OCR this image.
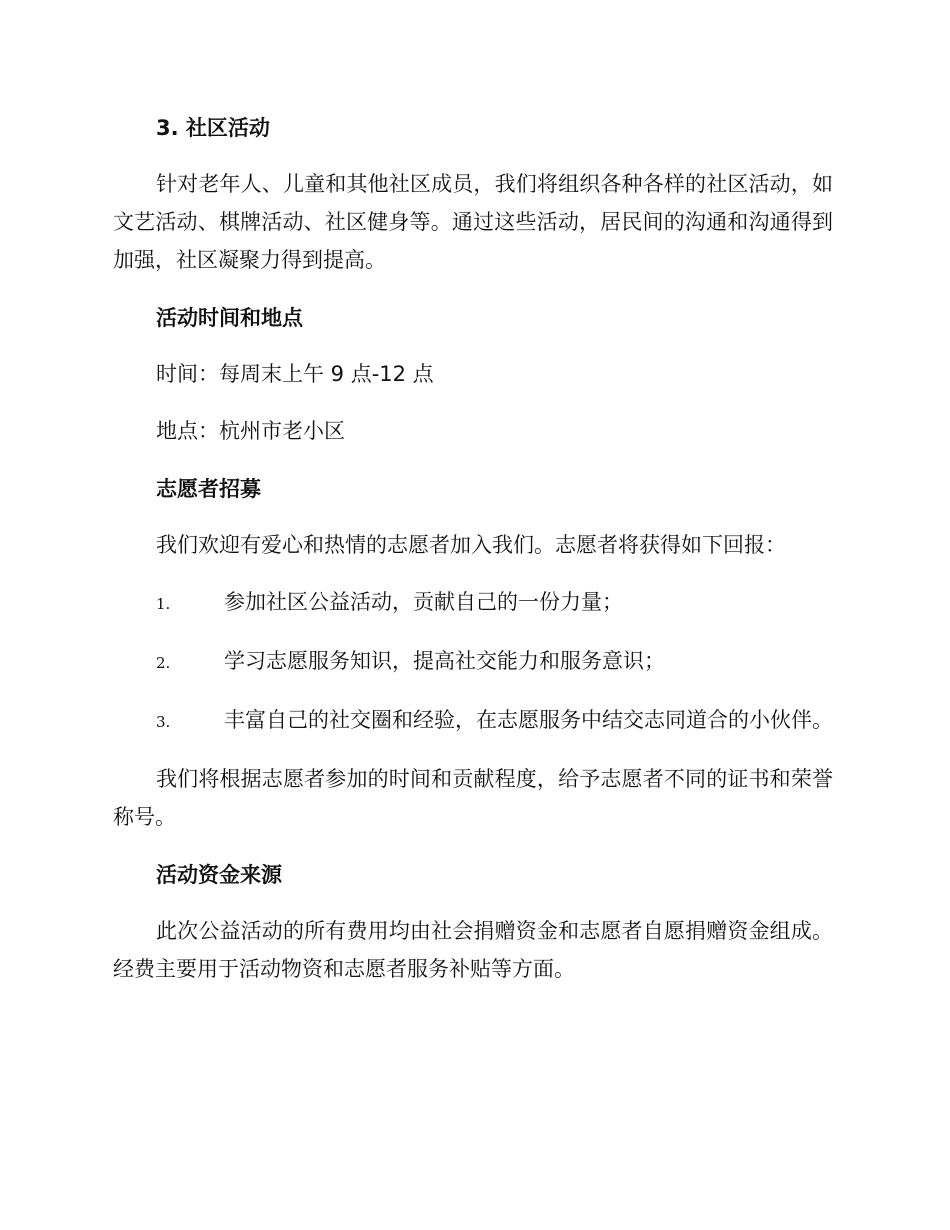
3. 社区活动
针对老年人、儿童和其他社区成员，我们将组织各种各样的社区活动，如文艺活动、棋牌活动、社区健身等。通过这些活动，居民间的沟通和沟通得到加强，社区凝聚力得到提高。
活动时间和地点
时间：每周末上午 9 点-12 点
地点：杭州市老小区
志愿者招募
我们欢迎有爱心和热情的志愿者加入我们。志愿者将获得如下回报：
1.	参加社区公益活动，贡献自己的一份力量；
2.	学习志愿服务知识，提高社交能力和服务意识；
3.	丰富自己的社交圈和经验，在志愿服务中结交志同道合的小伙伴。
我们将根据志愿者参加的时间和贡献程度，给予志愿者不同的证书和荣誉称号。
活动资金来源
此次公益活动的所有费用均由社会捐赠资金和志愿者自愿捐赠资金组成。经费主要用于活动物资和志愿者服务补贴等方面。
